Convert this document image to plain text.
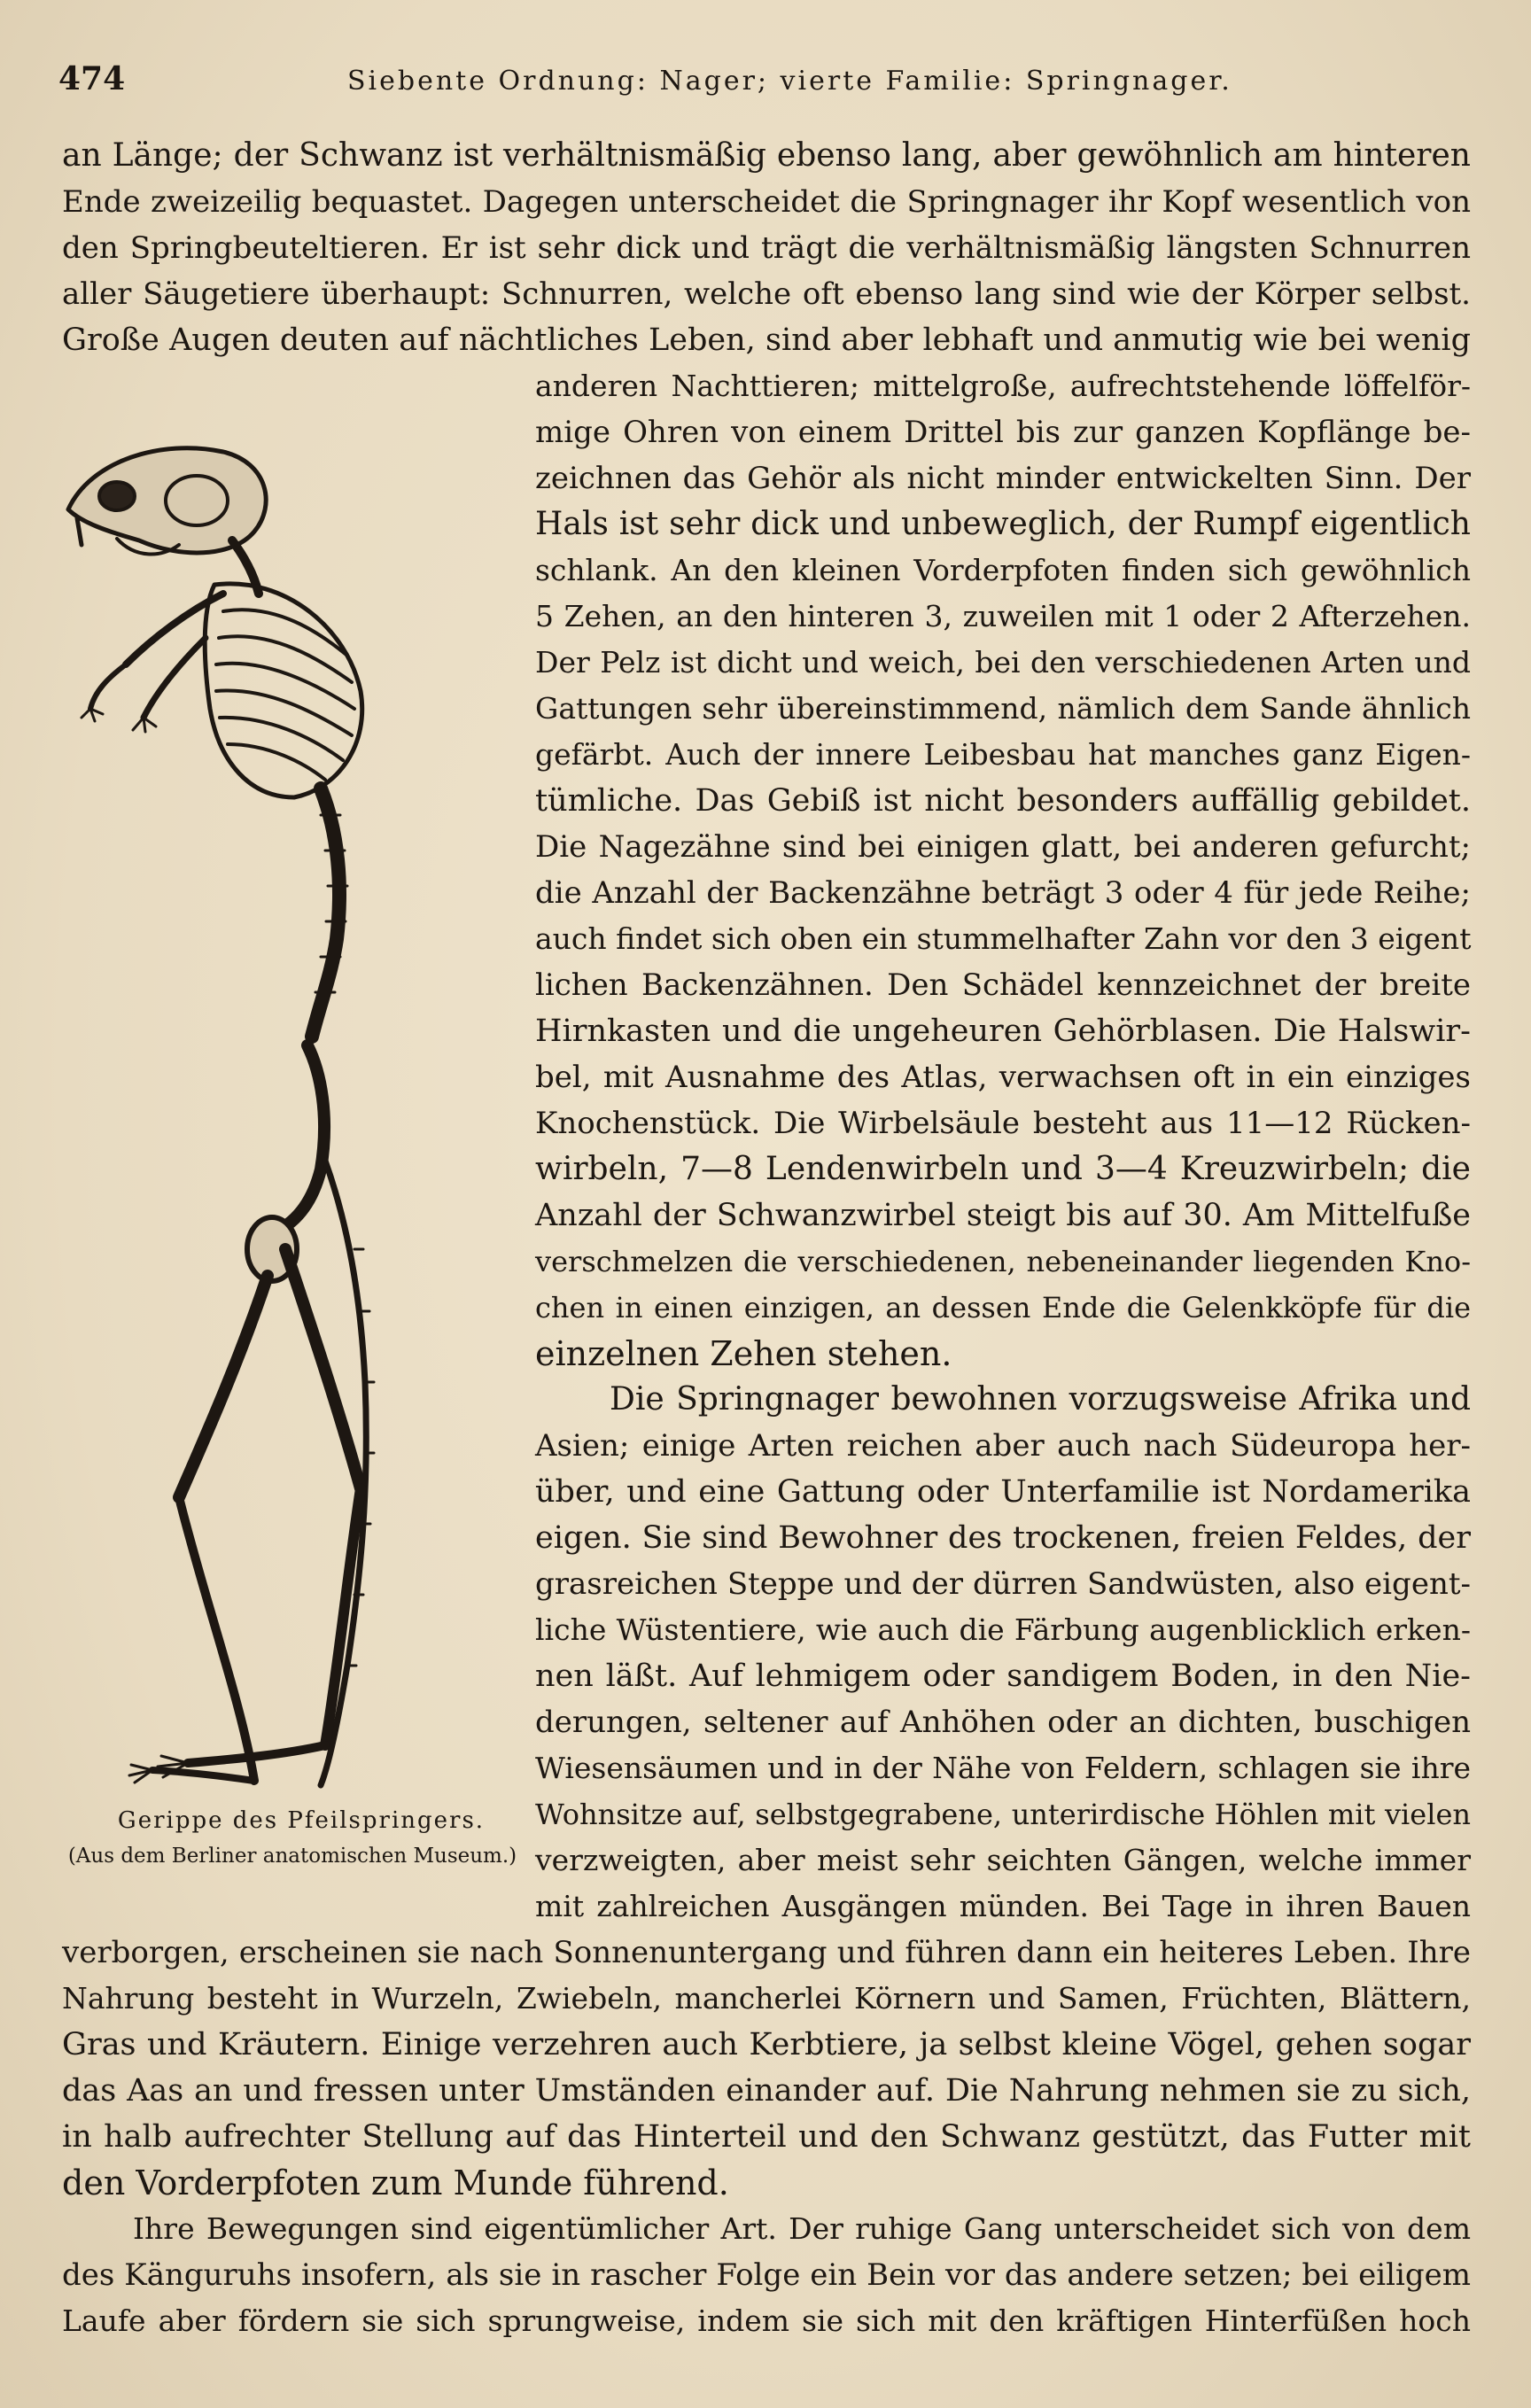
474	Siebente Ordnung: Nager; vierte Familie: Springnager.
Gerippe des Pfeilspringers.
(Aus dem Berliner anatomischen Museum.)
an Länge; der Schwanz ist verhältnismäßig ebenso lang, aber gewöhnlich am hinteren
Ende zweizeilig bequastet. Dagegen unterscheidet die Springnager ihr Kopf wesentlich von
den Springbeuteltieren. Er ist sehr dick und trägt die verhältnismäßig längsten Schnurren
aller Säugetiere überhaupt: Schnurren, welche oft ebenso lang sind wie der Körper selbst.
Große Augen deuten auf nächtliches Leben, sind aber lebhaft und anmutig wie bei wenig
anderen Nachttieren; mittelgroße, aufrechtstehende löffelför-
mige Ohren von einem Drittel bis zur ganzen Kopflänge be-
zeichnen das Gehör als nicht minder entwickelten Sinn. Der
Hals ist sehr dick und unbeweglich, der Rumpf eigentlich
schlank. An den kleinen Vorderpfoten finden sich gewöhnlich
5 Zehen, an den hinteren 3, zuweilen mit 1 oder 2 Afterzehen.
Der Pelz ist dicht und weich, bei den verschiedenen Arten und
Gattungen sehr übereinstimmend, nämlich dem Sande ähnlich
gefärbt. Auch der innere Leibesbau hat manches ganz Eigen-
tümliche. Das Gebiß ist nicht besonders auffällig gebildet.
Die Nagezähne sind bei einigen glatt, bei anderen gefurcht;
die Anzahl der Backenzähne beträgt 3 oder 4 für jede Reihe;
auch findet sich oben ein stummelhafter Zahn vor den 3 eigent
lichen Backenzähnen. Den Schädel kennzeichnet der breite
Hirnkasten und die ungeheuren Gehörblasen. Die Halswir-
bel, mit Ausnahme des Atlas, verwachsen oft in ein einziges
Knochenstück. Die Wirbelsäule besteht aus 11—12 Rücken-
wirbeln, 7—8 Lendenwirbeln und 3—4 Kreuzwirbeln; die
Anzahl der Schwanzwirbel steigt bis auf 30. Am Mittelfuße
verschmelzen die verschiedenen, nebeneinander liegenden Kno-
chen in einen einzigen, an dessen Ende die Gelenkköpfe für die
einzelnen Zehen stehen.
Die Springnager bewohnen vorzugsweise Afrika und
Asien; einige Arten reichen aber auch nach Südeuropa her-
über, und eine Gattung oder Unterfamilie ist Nordamerika
eigen. Sie sind Bewohner des trockenen, freien Feldes, der
grasreichen Steppe und der dürren Sandwüsten, also eigent-
liche Wüstentiere, wie auch die Färbung augenblicklich erken-
nen läßt. Auf lehmigem oder sandigem Boden, in den Nie-
derungen, seltener auf Anhöhen oder an dichten, buschigen
Wiesensäumen und in der Nähe von Feldern, schlagen sie ihre
Wohnsitze auf, selbstgegrabene, unterirdische Höhlen mit vielen
verzweigten, aber meist sehr seichten Gängen, welche immer
mit zahlreichen Ausgängen münden. Bei Tage in ihren Bauen
verborgen, erscheinen sie nach Sonnenuntergang und führen dann ein heiteres Leben. Ihre
Nahrung besteht in Wurzeln, Zwiebeln, mancherlei Körnern und Samen, Früchten, Blättern,
Gras und Kräutern. Einige verzehren auch Kerbtiere, ja selbst kleine Vögel, gehen sogar
das Aas an und fressen unter Umständen einander auf. Die Nahrung nehmen sie zu sich,
in halb aufrechter Stellung auf das Hinterteil und den Schwanz gestützt, das Futter mit
den Vorderpfoten zum Munde führend.
Ihre Bewegungen sind eigentümlicher Art. Der ruhige Gang unterscheidet sich von dem
des Känguruhs insofern, als sie in rascher Folge ein Bein vor das andere setzen; bei eiligem
Laufe aber fördern sie sich sprungweise, indem sie sich mit den kräftigen Hinterfüßen hoch
